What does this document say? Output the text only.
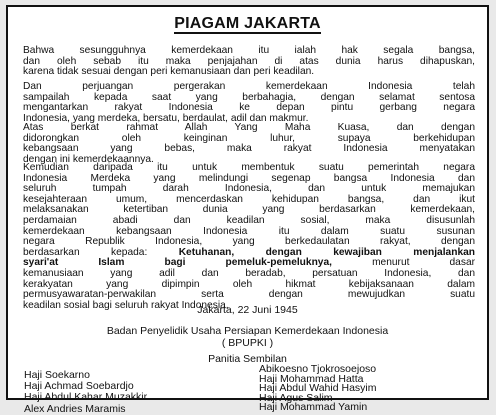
PIAGAM JAKARTA
Bahwa sesungguhnya kemerdekaan itu ialah hak segala bangsa,
dan oleh sebab itu maka penjajahan di atas dunia harus dihapuskan,
karena tidak sesuai dengan peri kemanusiaan dan peri keadilan.
Dan perjuangan pergerakan kemerdekaan Indonesia telah
sampailah kepada saat yang berbahagia, dengan selamat sentosa
mengantarkan rakyat Indonesia ke depan pintu gerbang negara
Indonesia, yang merdeka, bersatu, berdaulat, adil dan makmur.
Atas berkat rahmat Allah Yang Maha Kuasa, dan dengan
didorongkan oleh keinginan luhur, supaya berkehidupan
kebangsaan yang bebas, maka rakyat Indonesia menyatakan
dengan ini kemerdekaannya.
Kemudian daripada itu untuk membentuk suatu pemerintah negara
Indonesia Merdeka yang melindungi segenap bangsa Indonesia dan
seluruh tumpah darah Indonesia, dan untuk memajukan
kesejahteraan umum, mencerdaskan kehidupan bangsa, dan ikut
melaksanakan ketertiban dunia yang berdasarkan kemerdekaan,
perdamaian abadi dan keadilan sosial, maka disusunlah
kemerdekaan kebangsaan Indonesia itu dalam suatu susunan
negara Republik Indonesia, yang berkedaulatan rakyat, dengan
berdasarkan kepada:	Ketuhanan, dengan kewajiban menjalankan
syari'at Islam bagi pemeluk-pemeluknya,	menurut dasar
kemanusiaan yang adil dan beradab, persatuan Indonesia, dan
kerakyatan yang dipimpin oleh hikmat kebijaksanaan dalam
permusyawaratan-perwakilan serta dengan mewujudkan suatu
keadilan sosial bagi seluruh rakyat Indonesia.
Jakarta, 22 Juni 1945
Badan Penyelidik Usaha Persiapan Kemerdekaan Indonesia
( BPUPKI )
Panitia Sembilan
Haji Soekarno
Haji Achmad Soebardjo
Haji Abdul Kahar Muzakkir
Alex Andries Maramis
Abikoesno Tjokrosoejoso
Haji Mohammad Hatta
Haji Abdul Wahid Hasyim
Haji Agus Salim
Haji Mohammad Yamin
